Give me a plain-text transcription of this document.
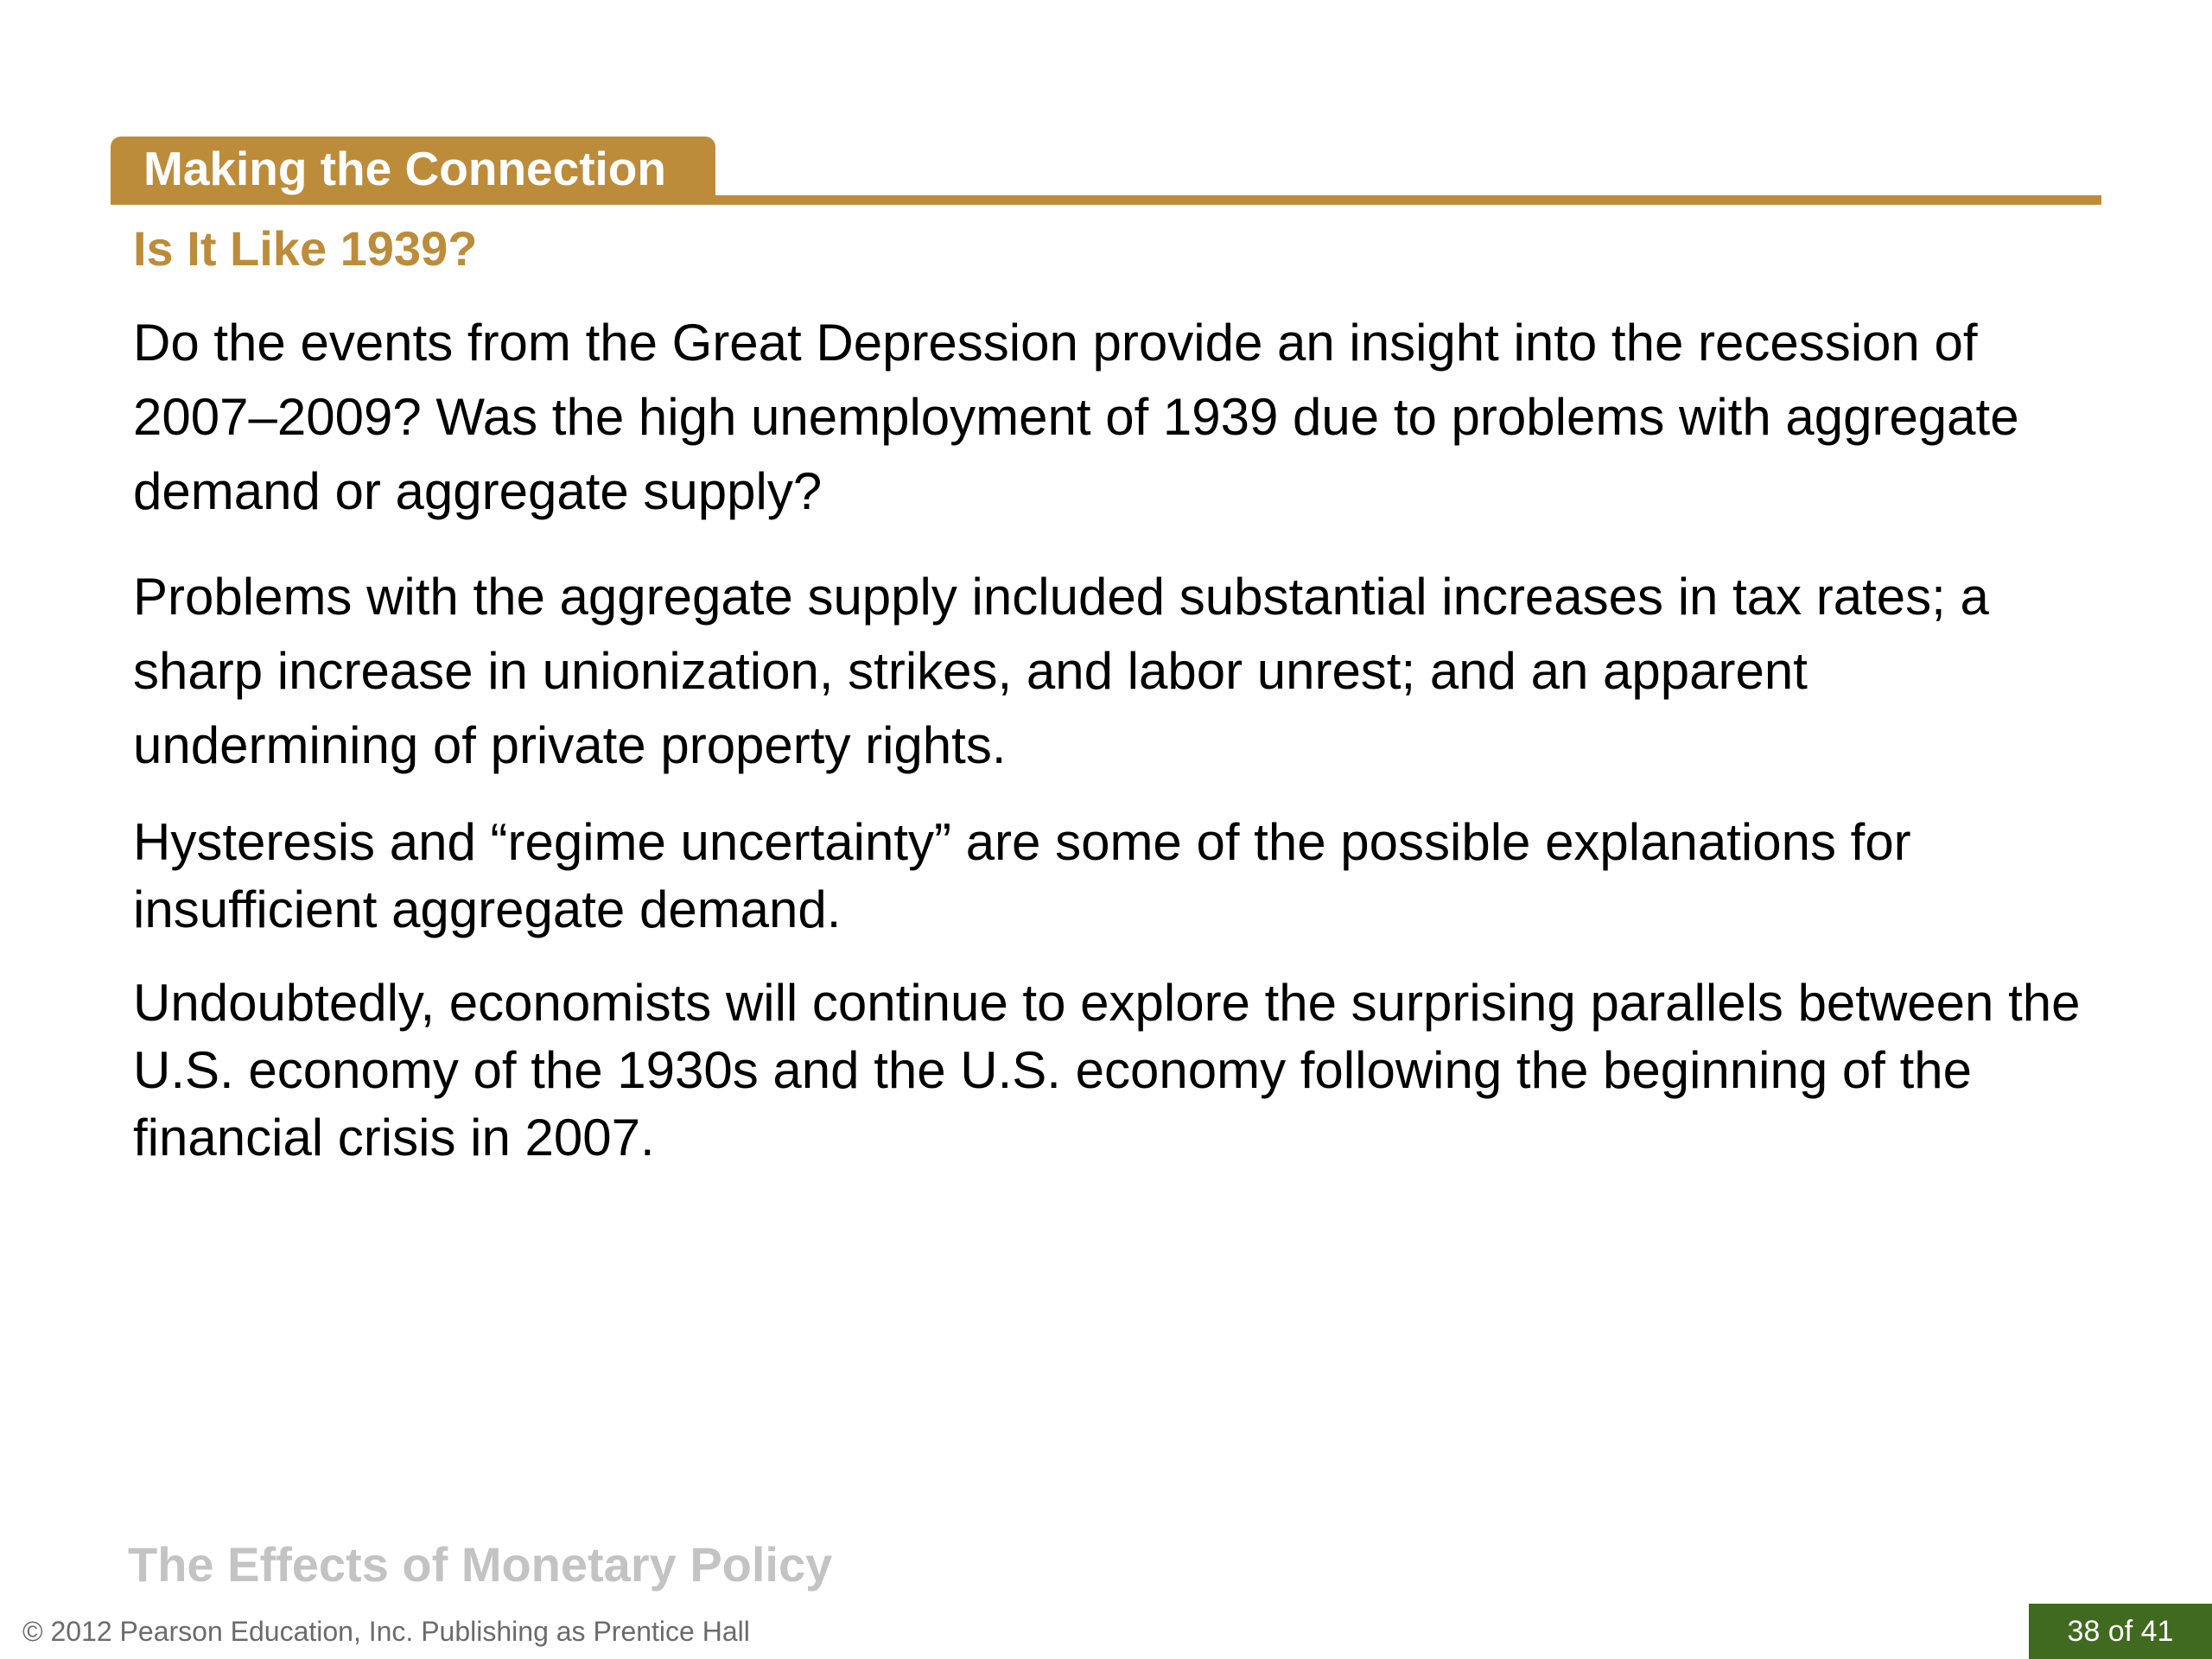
Making the Connection
Is It Like 1939?

Do the events from the Great Depression provide an insight into the recession of 2007–2009? Was the high unemployment of 1939 due to problems with aggregate demand or aggregate supply?

Problems with the aggregate supply included substantial increases in tax rates; a sharp increase in unionization, strikes, and labor unrest; and an apparent undermining of private property rights.

Hysteresis and “regime uncertainty” are some of the possible explanations for insufficient aggregate demand.

Undoubtedly, economists will continue to explore the surprising parallels between the U.S. economy of the 1930s and the U.S. economy following the beginning of the financial crisis in 2007.

The Effects of Monetary Policy
© 2012 Pearson Education, Inc. Publishing as Prentice Hall	38 of 41
